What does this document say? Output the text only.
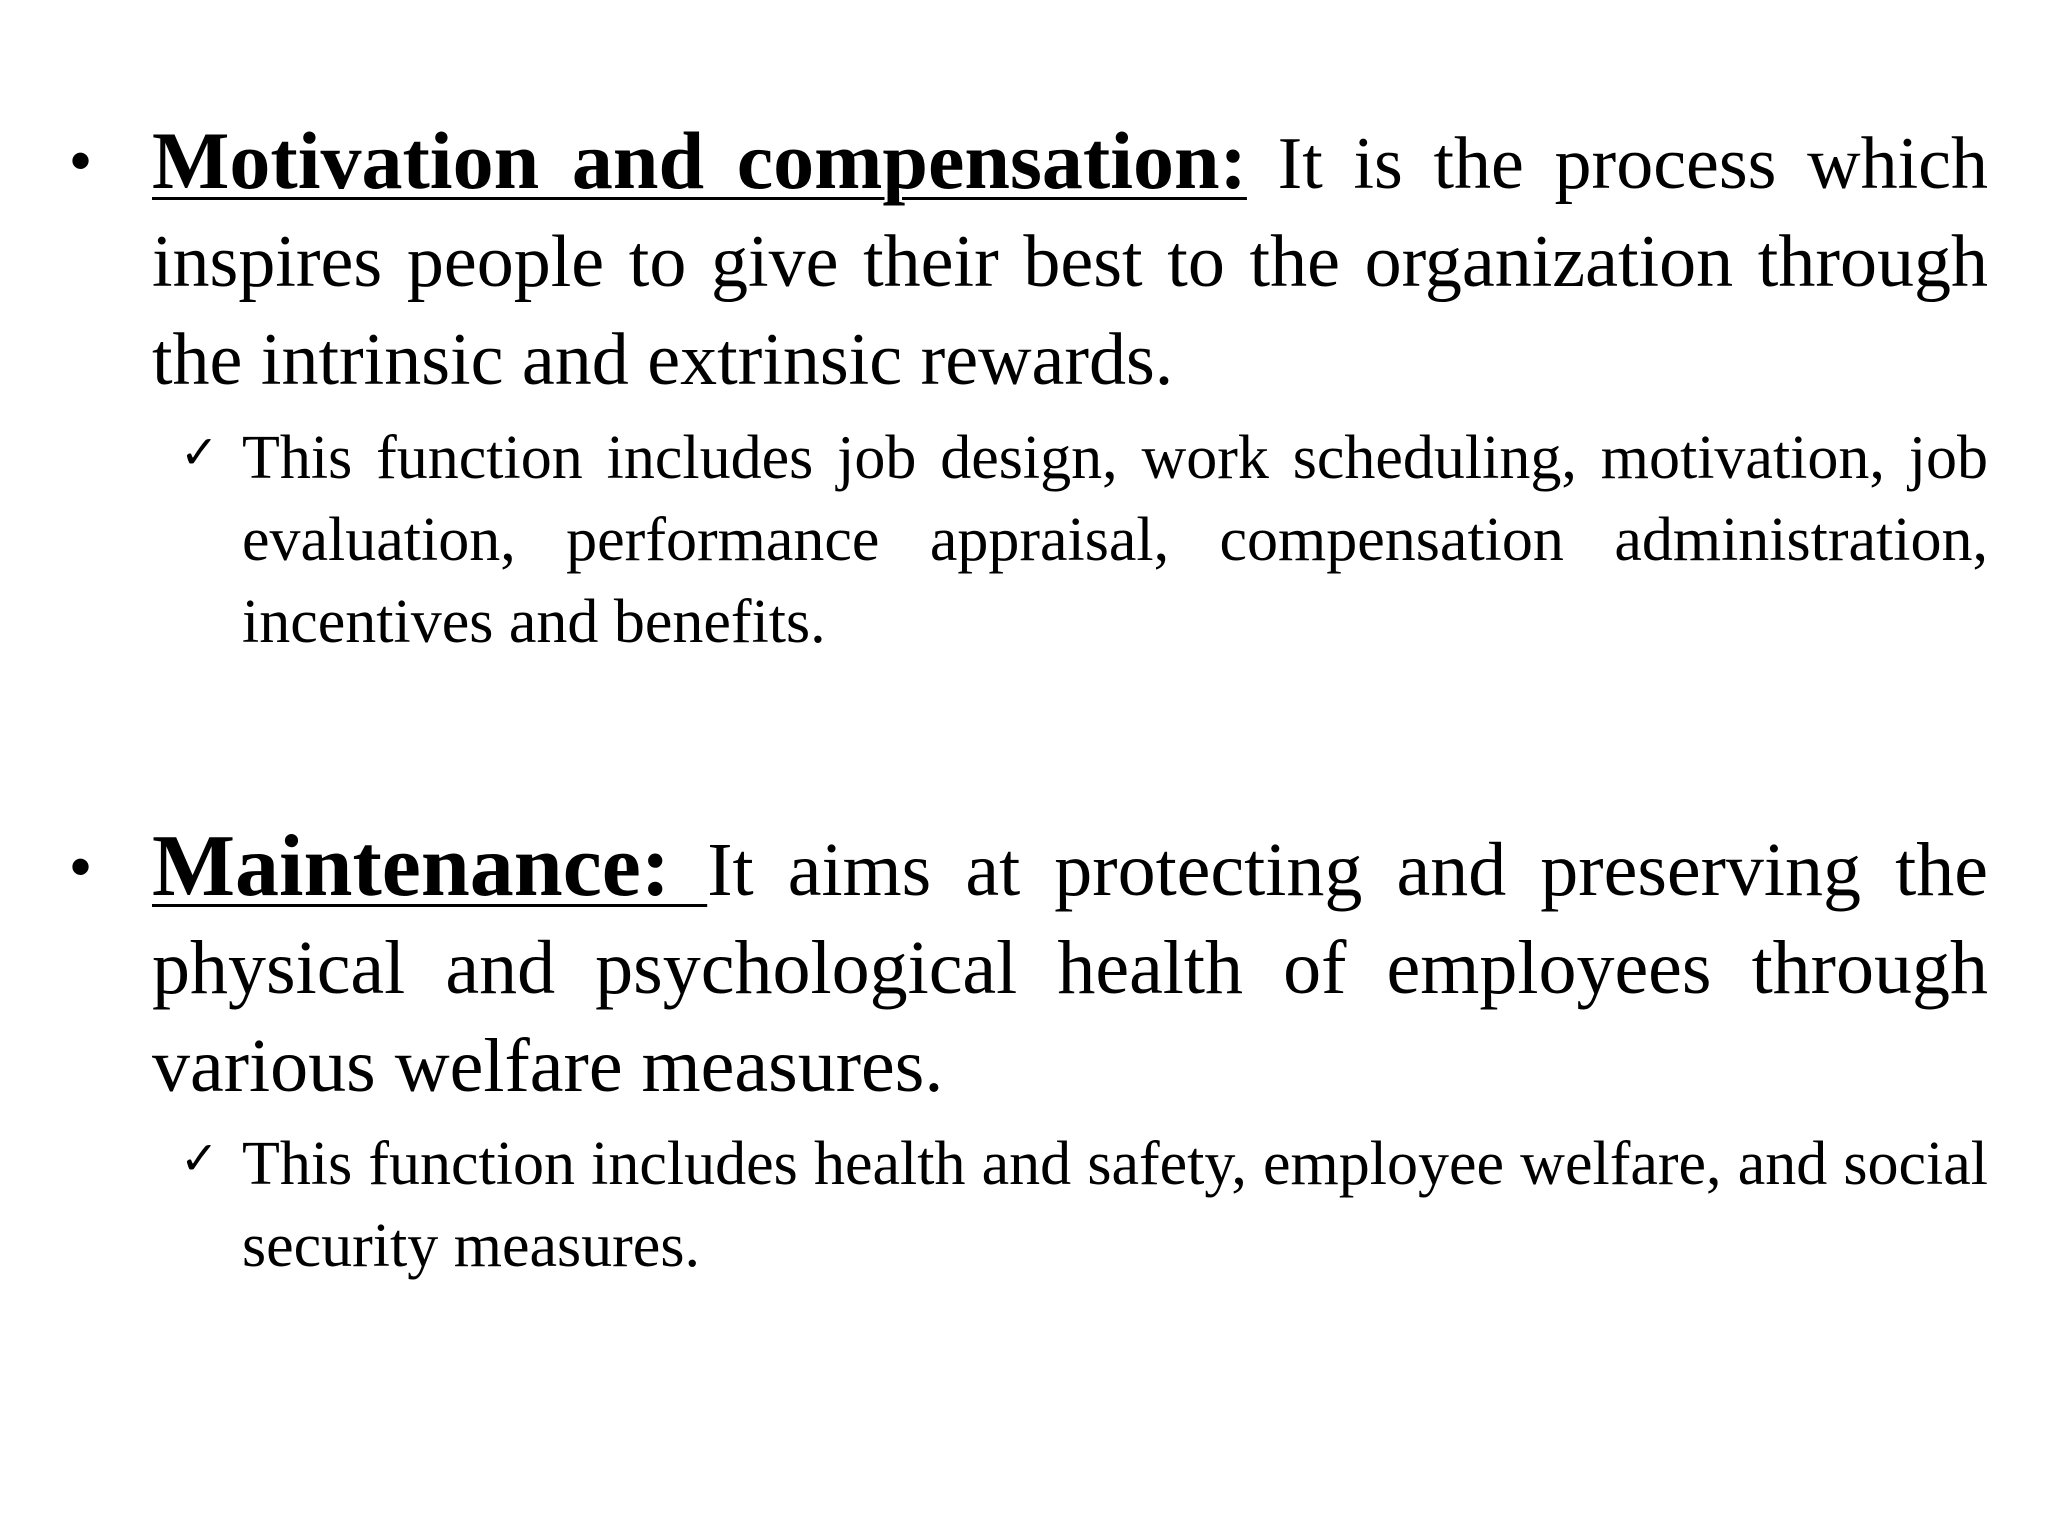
• Motivation and compensation: It is the process which inspires people to give their best to the organization through the intrinsic and extrinsic rewards.
✓ This function includes job design, work scheduling, motivation, job evaluation, performance appraisal, compensation administration, incentives and benefits.
• Maintenance: It aims at protecting and preserving the physical and psychological health of employees through various welfare measures.
✓ This function includes health and safety, employee welfare, and social security measures.
